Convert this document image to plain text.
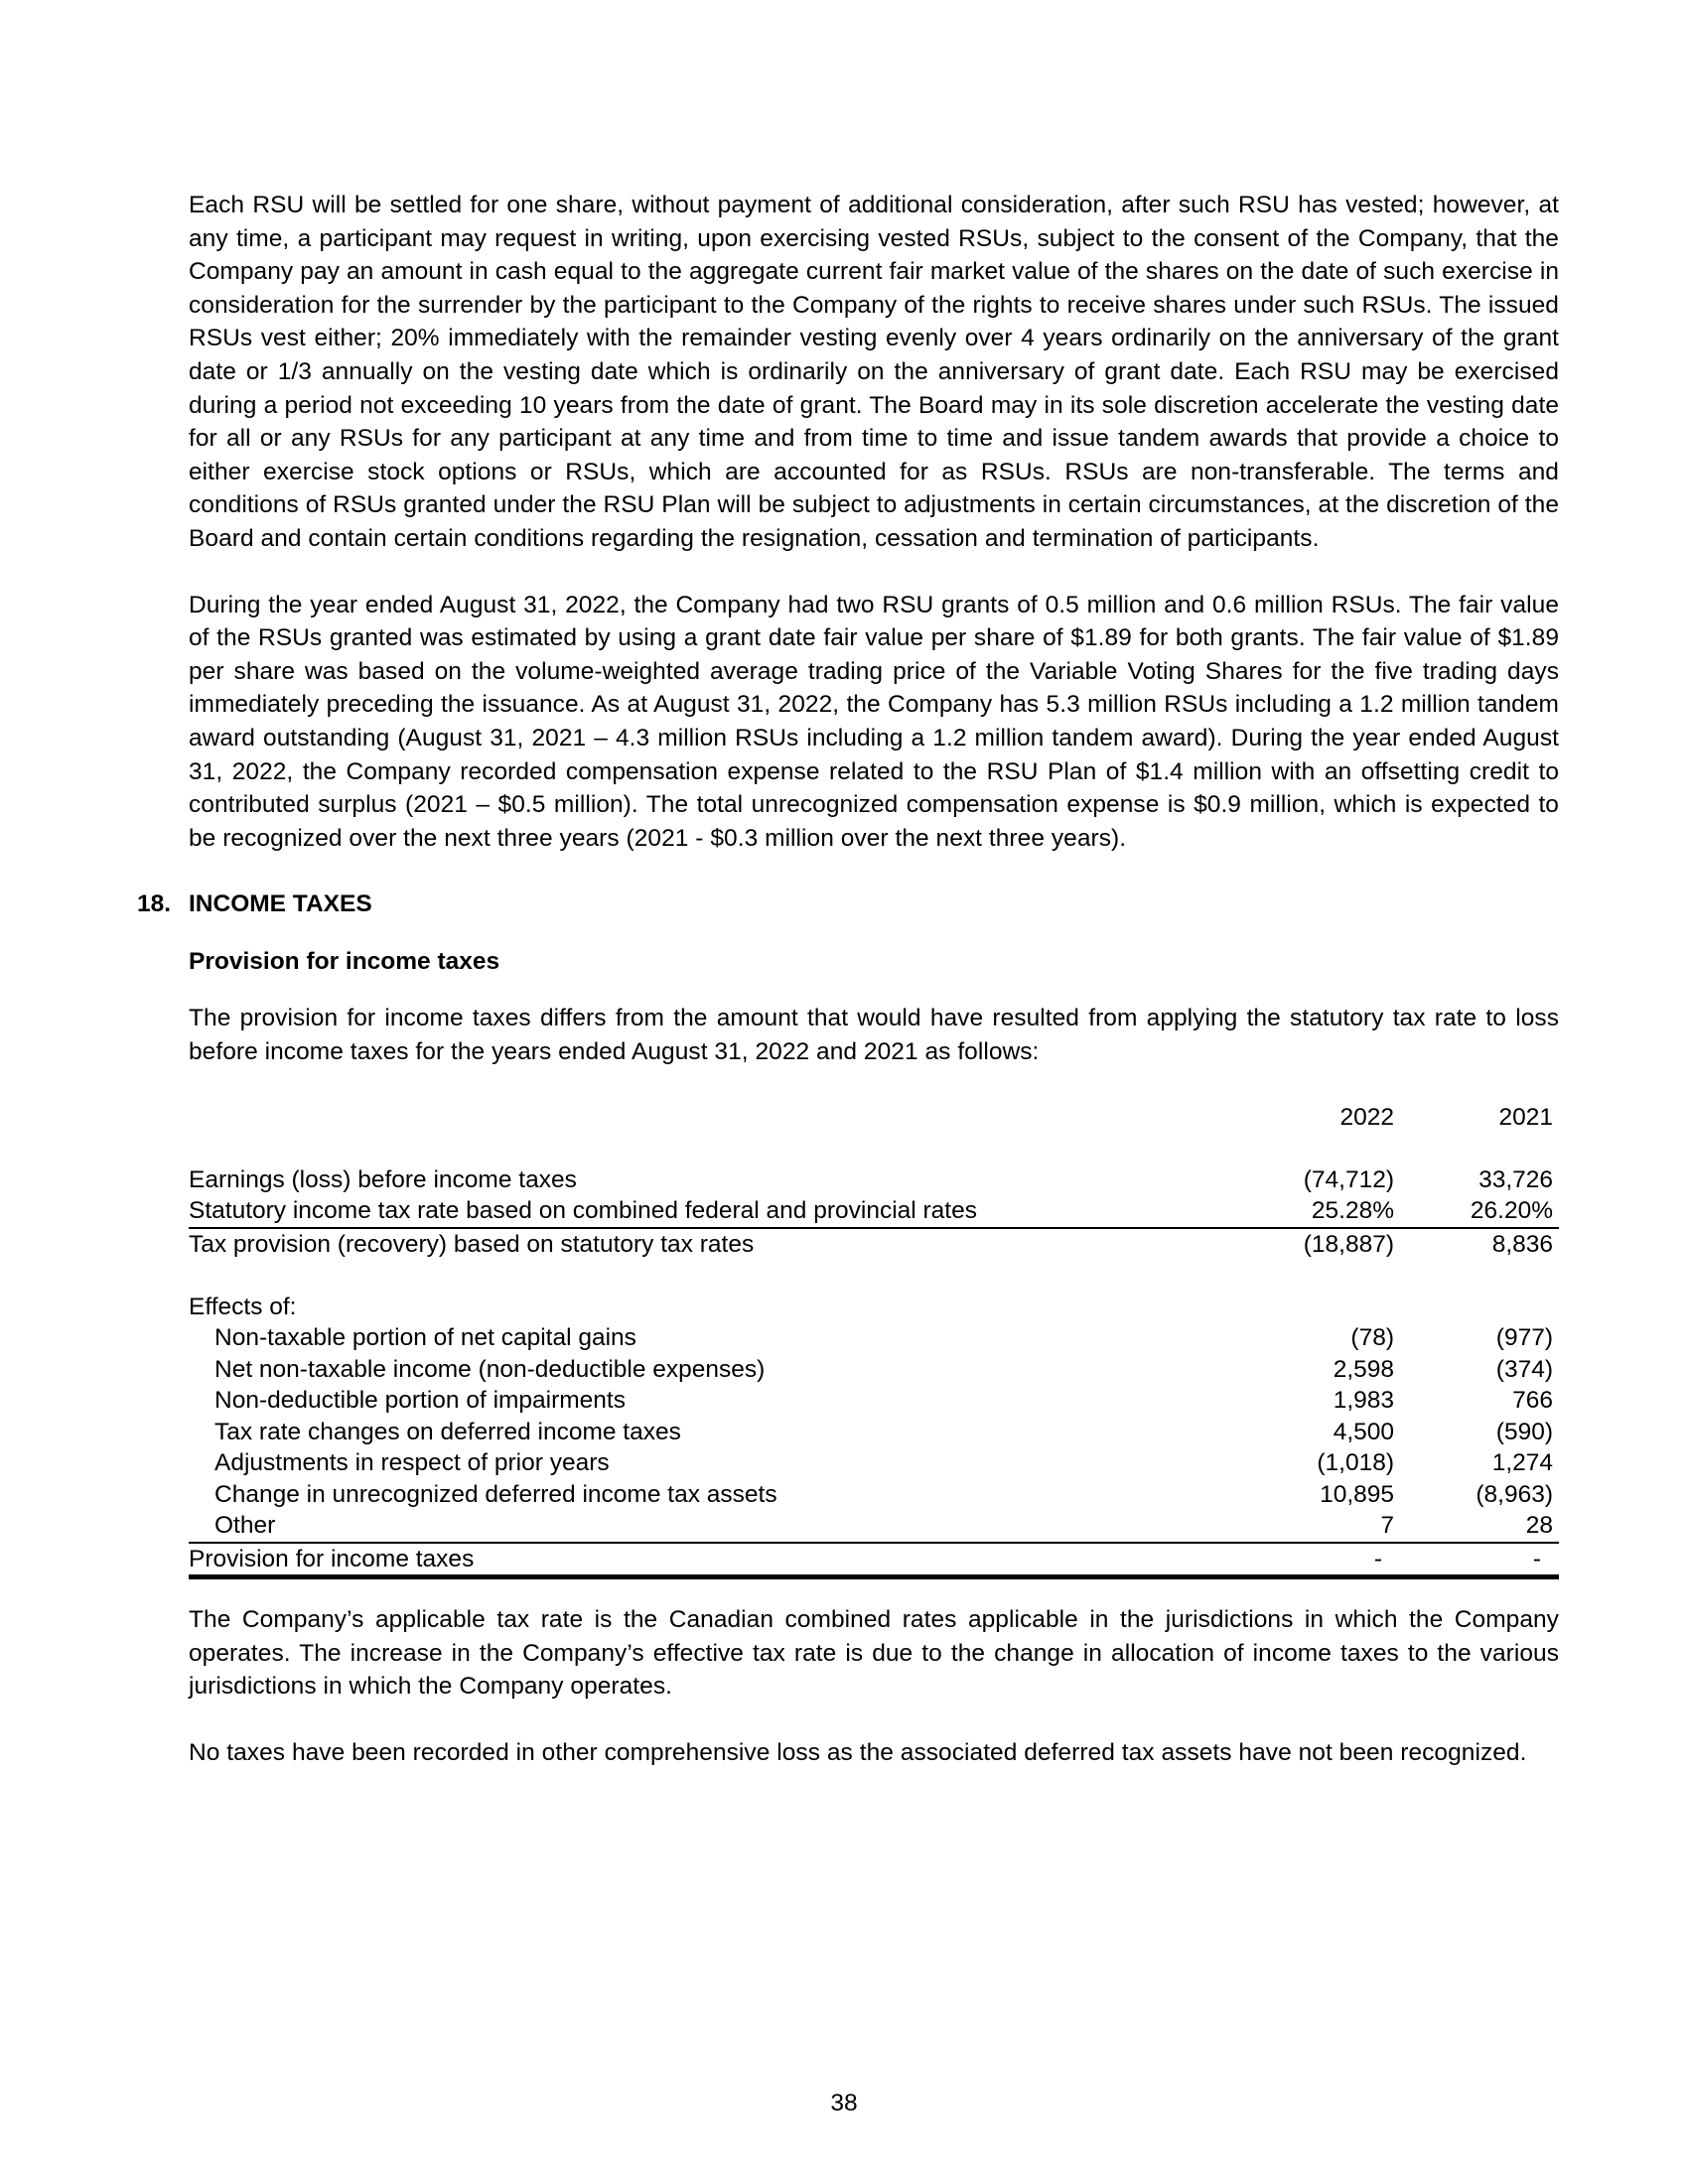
Each RSU will be settled for one share, without payment of additional consideration, after such RSU has vested; however, at any time, a participant may request in writing, upon exercising vested RSUs, subject to the consent of the Company, that the Company pay an amount in cash equal to the aggregate current fair market value of the shares on the date of such exercise in consideration for the surrender by the participant to the Company of the rights to receive shares under such RSUs. The issued RSUs vest either; 20% immediately with the remainder vesting evenly over 4 years ordinarily on the anniversary of the grant date or 1/3 annually on the vesting date which is ordinarily on the anniversary of grant date. Each RSU may be exercised during a period not exceeding 10 years from the date of grant. The Board may in its sole discretion accelerate the vesting date for all or any RSUs for any participant at any time and from time to time and issue tandem awards that provide a choice to either exercise stock options or RSUs, which are accounted for as RSUs. RSUs are non-transferable. The terms and conditions of RSUs granted under the RSU Plan will be subject to adjustments in certain circumstances, at the discretion of the Board and contain certain conditions regarding the resignation, cessation and termination of participants.

During the year ended August 31, 2022, the Company had two RSU grants of 0.5 million and 0.6 million RSUs. The fair value of the RSUs granted was estimated by using a grant date fair value per share of $1.89 for both grants. The fair value of $1.89 per share was based on the volume-weighted average trading price of the Variable Voting Shares for the five trading days immediately preceding the issuance. As at August 31, 2022, the Company has 5.3 million RSUs including a 1.2 million tandem award outstanding (August 31, 2021 – 4.3 million RSUs including a 1.2 million tandem award). During the year ended August 31, 2022, the Company recorded compensation expense related to the RSU Plan of $1.4 million with an offsetting credit to contributed surplus (2021 – $0.5 million). The total unrecognized compensation expense is $0.9 million, which is expected to be recognized over the next three years (2021 - $0.3 million over the next three years).

18. INCOME TAXES
Provision for income taxes

The provision for income taxes differs from the amount that would have resulted from applying the statutory tax rate to loss before income taxes for the years ended August 31, 2022 and 2021 as follows:

	2022	2021

Earnings (loss) before income taxes	(74,712)	33,726
Statutory income tax rate based on combined federal and provincial rates	25.28%	26.20%
Tax provision (recovery) based on statutory tax rates	(18,887)	8,836

Effects of:		
Non-taxable portion of net capital gains	(78)	(977)
Net non-taxable income (non-deductible expenses)	2,598	(374)
Non-deductible portion of impairments	1,983	766
Tax rate changes on deferred income taxes	4,500	(590)
Adjustments in respect of prior years	(1,018)	1,274
Change in unrecognized deferred income tax assets	10,895	(8,963)
Other	7	28
Provision for income taxes	-	-

The Company’s applicable tax rate is the Canadian combined rates applicable in the jurisdictions in which the Company operates. The increase in the Company’s effective tax rate is due to the change in allocation of income taxes to the various jurisdictions in which the Company operates.

No taxes have been recorded in other comprehensive loss as the associated deferred tax assets have not been recognized.

38
